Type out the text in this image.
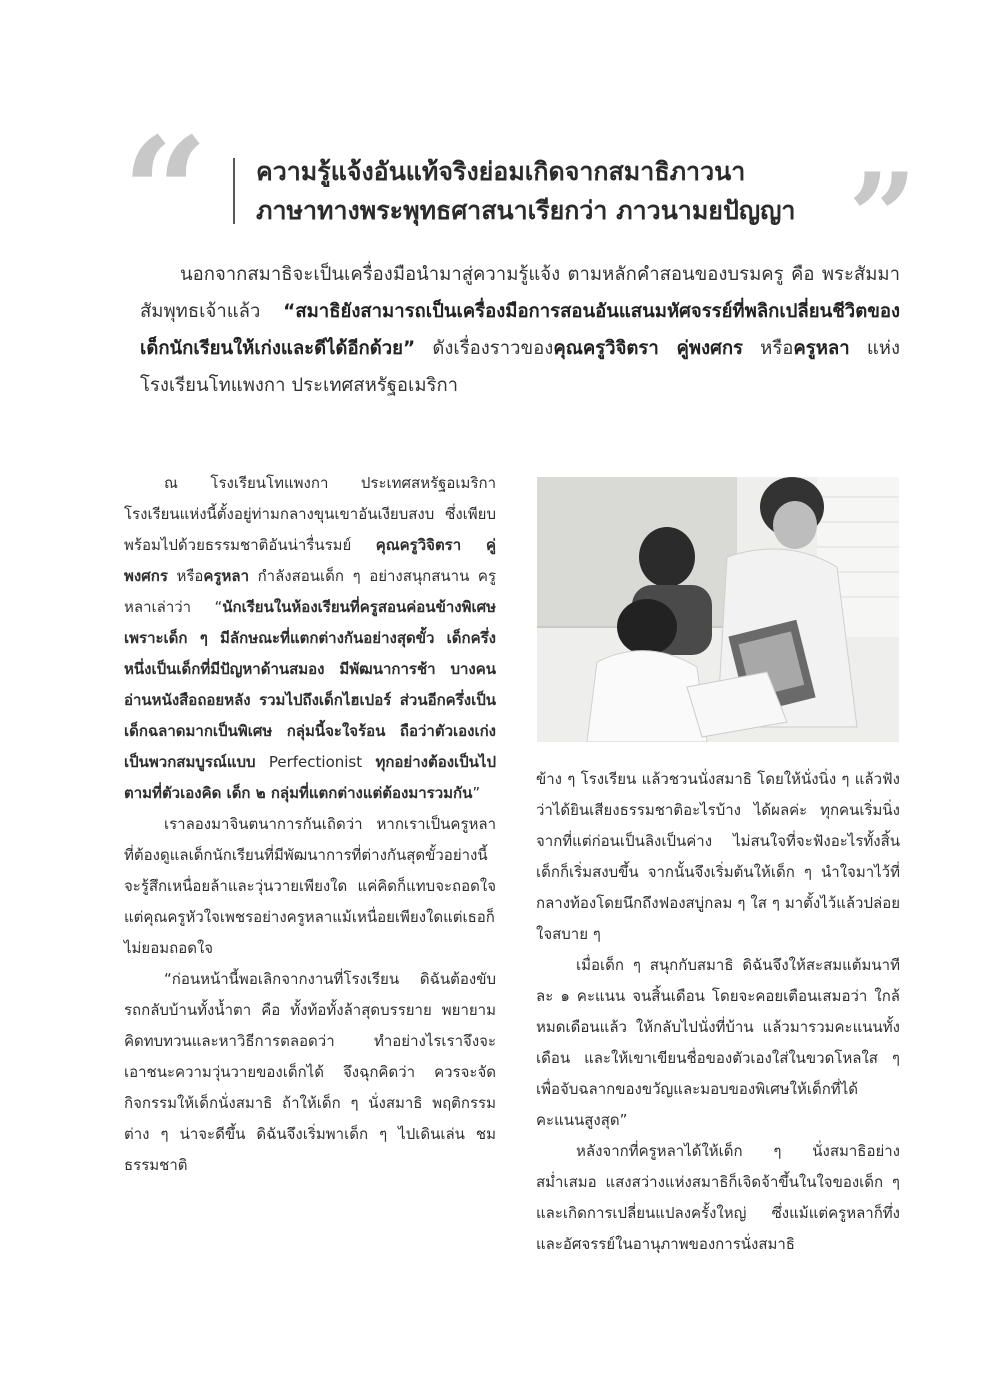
“ ความรู้แจ้งอันแท้จริงย่อมเกิดจากสมาธิภาวนา
ภาษาทางพระพุทธศาสนาเรียกว่า ภาวนามยปัญญา ”

นอกจากสมาธิจะเป็นเครื่องมือนำมาสู่ความรู้แจ้ง ตามหลักคำสอนของบรมครู คือ พระสัมมาสัมพุทธเจ้าแล้ว “สมาธิยังสามารถเป็นเครื่องมือการสอนอันแสนมหัศจรรย์ที่พลิกเปลี่ยนชีวิตของเด็กนักเรียนให้เก่งและดีได้อีกด้วย” ดังเรื่องราวของคุณครูวิจิตรา คู่พงศกร หรือครูหลา แห่งโรงเรียนโทแพงกา ประเทศสหรัฐอเมริกา

ณ โรงเรียนโทแพงกา ประเทศสหรัฐอเมริกา โรงเรียนแห่งนี้ตั้งอยู่ท่ามกลางขุนเขาอันเงียบสงบ ซึ่งเพียบพร้อมไปด้วยธรรมชาติอันน่ารื่นรมย์ คุณครูวิจิตรา คู่พงศกร หรือครูหลา กำลังสอนเด็ก ๆ อย่างสนุกสนาน ครูหลาเล่าว่า “นักเรียนในห้องเรียนที่ครูสอนค่อนข้างพิเศษ เพราะเด็ก ๆ มีลักษณะที่แตกต่างกันอย่างสุดขั้ว เด็กครึ่งหนึ่งเป็นเด็กที่มีปัญหาด้านสมอง มีพัฒนาการช้า บางคนอ่านหนังสือถอยหลัง รวมไปถึงเด็กไฮเปอร์ ส่วนอีกครึ่งเป็นเด็กฉลาดมากเป็นพิเศษ กลุ่มนี้จะใจร้อน ถือว่าตัวเองเก่ง เป็นพวกสมบูรณ์แบบ Perfectionist ทุกอย่างต้องเป็นไปตามที่ตัวเองคิด เด็ก ๒ กลุ่มที่แตกต่างแต่ต้องมารวมกัน”

เราลองมาจินตนาการกันเถิดว่า หากเราเป็นครูหลา ที่ต้องดูแลเด็กนักเรียนที่มีพัฒนาการที่ต่างกันสุดขั้วอย่างนี้ จะรู้สึกเหนื่อยล้าและวุ่นวายเพียงใด แค่คิดก็แทบจะถอดใจ แต่คุณครูหัวใจเพชรอย่างครูหลาแม้เหนื่อยเพียงใดแต่เธอก็ไม่ยอมถอดใจ

“ก่อนหน้านี้พอเลิกจากงานที่โรงเรียน ดิฉันต้องขับรถกลับบ้านทั้งน้ำตา คือ ทั้งท้อทั้งล้าสุดบรรยาย พยายามคิดทบทวนและหาวิธีการตลอดว่า ทำอย่างไรเราจึงจะเอาชนะความวุ่นวายของเด็กได้ จึงฉุกคิดว่า ควรจะจัดกิจกรรมให้เด็กนั่งสมาธิ ถ้าให้เด็ก ๆ นั่งสมาธิ พฤติกรรมต่าง ๆ น่าจะดีขึ้น ดิฉันจึงเริ่มพาเด็ก ๆ ไปเดินเล่น ชมธรรมชาติ

ข้าง ๆ โรงเรียน แล้วชวนนั่งสมาธิ โดยให้นั่งนิ่ง ๆ แล้วฟังว่าได้ยินเสียงธรรมชาติอะไรบ้าง ได้ผลค่ะ ทุกคนเริ่มนิ่ง จากที่แต่ก่อนเป็นลิงเป็นค่าง ไม่สนใจที่จะฟังอะไรทั้งสิ้น เด็กก็เริ่มสงบขึ้น จากนั้นจึงเริ่มต้นให้เด็ก ๆ นำใจมาไว้ที่กลางท้องโดยนึกถึงฟองสบู่กลม ๆ ใส ๆ มาตั้งไว้แล้วปล่อยใจสบาย ๆ

เมื่อเด็ก ๆ สนุกกับสมาธิ ดิฉันจึงให้สะสมแต้มนาทีละ ๑ คะแนน จนสิ้นเดือน โดยจะคอยเตือนเสมอว่า ใกล้หมดเดือนแล้ว ให้กลับไปนั่งที่บ้าน แล้วมารวมคะแนนทั้งเดือน และให้เขาเขียนชื่อของตัวเองใส่ในขวดโหลใส ๆ เพื่อจับฉลากของขวัญและมอบของพิเศษให้เด็กที่ได้คะแนนสูงสุด”

หลังจากที่ครูหลาได้ให้เด็ก ๆ นั่งสมาธิอย่างสม่ำเสมอ แสงสว่างแห่งสมาธิก็เจิดจ้าขึ้นในใจของเด็ก ๆ และเกิดการเปลี่ยนแปลงครั้งใหญ่ ซึ่งแม้แต่ครูหลาก็ทึ่งและอัศจรรย์ในอานุภาพของการนั่งสมาธิ
